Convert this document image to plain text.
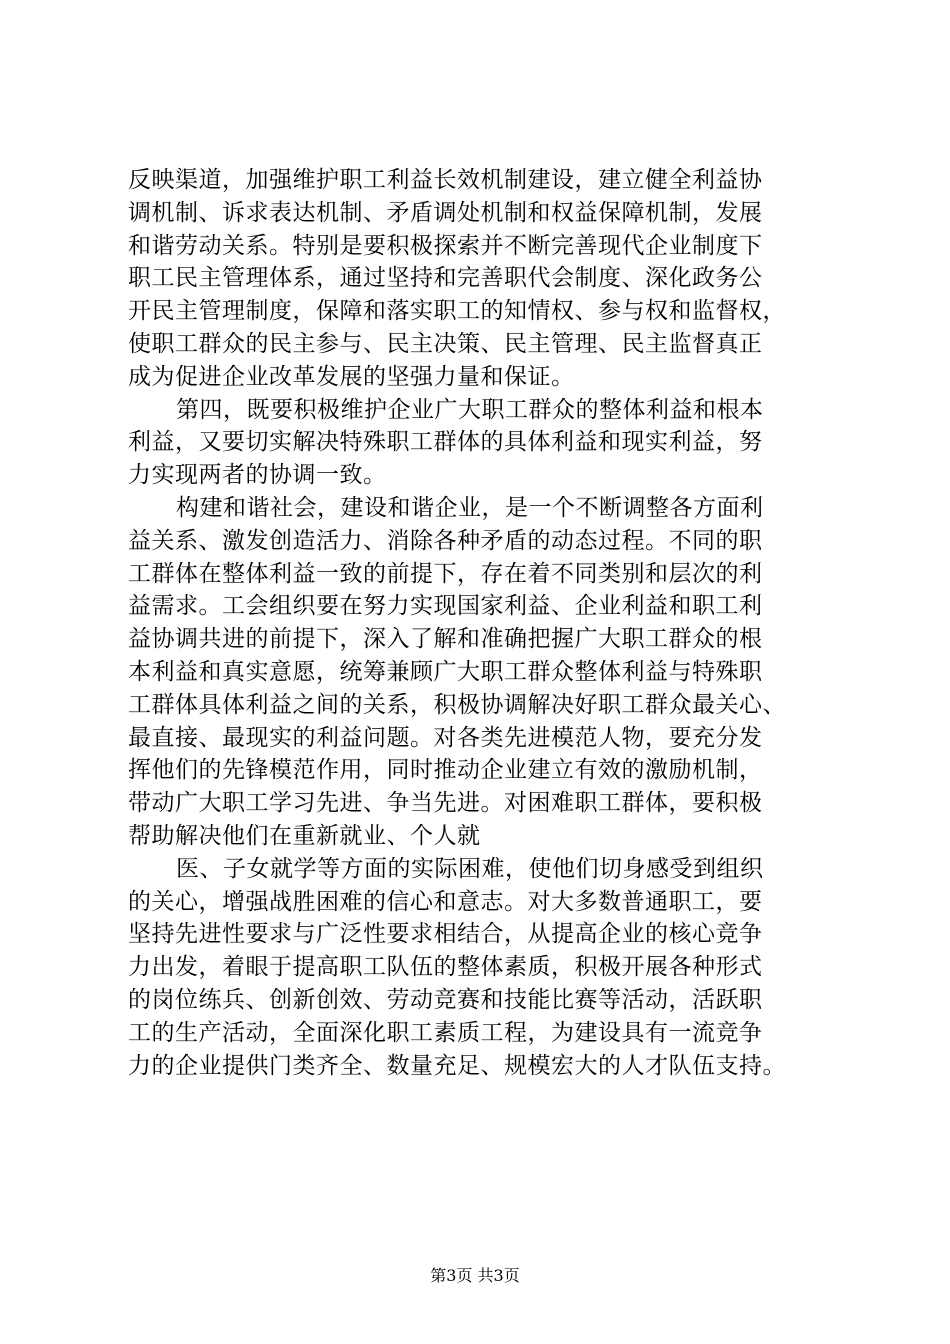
反映渠道，加强维护职工利益长效机制建设，建立健全利益协
调机制、诉求表达机制、矛盾调处机制和权益保障机制，发展
和谐劳动关系。特别是要积极探索并不断完善现代企业制度下
职工民主管理体系，通过坚持和完善职代会制度、深化政务公
开民主管理制度，保障和落实职工的知情权、参与权和监督权，
使职工群众的民主参与、民主决策、民主管理、民主监督真正
成为促进企业改革发展的坚强力量和保证。
第四，既要积极维护企业广大职工群众的整体利益和根本
利益，又要切实解决特殊职工群体的具体利益和现实利益，努
力实现两者的协调一致。
构建和谐社会，建设和谐企业，是一个不断调整各方面利
益关系、激发创造活力、消除各种矛盾的动态过程。不同的职
工群体在整体利益一致的前提下，存在着不同类别和层次的利
益需求。工会组织要在努力实现国家利益、企业利益和职工利
益协调共进的前提下，深入了解和准确把握广大职工群众的根
本利益和真实意愿，统筹兼顾广大职工群众整体利益与特殊职
工群体具体利益之间的关系，积极协调解决好职工群众最关心、
最直接、最现实的利益问题。对各类先进模范人物，要充分发
挥他们的先锋模范作用，同时推动企业建立有效的激励机制，
带动广大职工学习先进、争当先进。对困难职工群体，要积极
帮助解决他们在重新就业、个人就
医、子女就学等方面的实际困难，使他们切身感受到组织
的关心，增强战胜困难的信心和意志。对大多数普通职工，要
坚持先进性要求与广泛性要求相结合，从提高企业的核心竞争
力出发，着眼于提高职工队伍的整体素质，积极开展各种形式
的岗位练兵、创新创效、劳动竞赛和技能比赛等活动，活跃职
工的生产活动，全面深化职工素质工程，为建设具有一流竞争
力的企业提供门类齐全、数量充足、规模宏大的人才队伍支持。
第3页 共3页
